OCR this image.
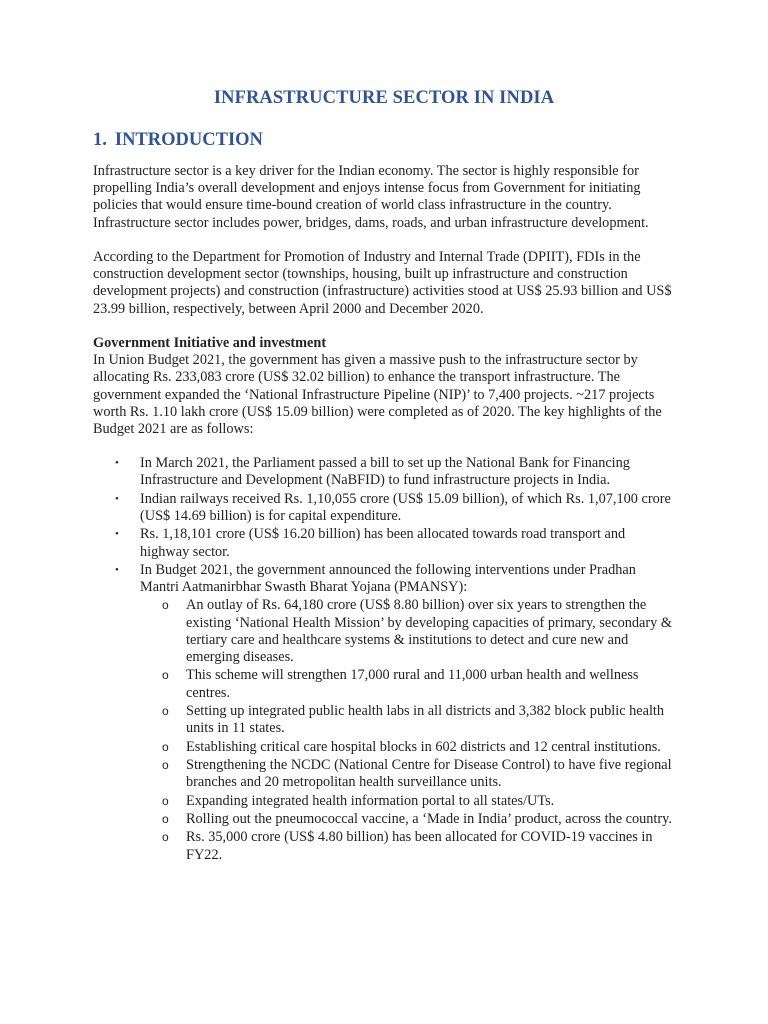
INFRASTRUCTURE SECTOR IN INDIA
1. INTRODUCTION

Infrastructure sector is a key driver for the Indian economy. The sector is highly responsible for propelling India’s overall development and enjoys intense focus from Government for initiating policies that would ensure time-bound creation of world class infrastructure in the country. Infrastructure sector includes power, bridges, dams, roads, and urban infrastructure development.

According to the Department for Promotion of Industry and Internal Trade (DPIIT), FDIs in the construction development sector (townships, housing, built up infrastructure and construction development projects) and construction (infrastructure) activities stood at US$ 25.93 billion and US$ 23.99 billion, respectively, between April 2000 and December 2020.

Government Initiative and investment

In Union Budget 2021, the government has given a massive push to the infrastructure sector by allocating Rs. 233,083 crore (US$ 32.02 billion) to enhance the transport infrastructure. The government expanded the ‘National Infrastructure Pipeline (NIP)’ to 7,400 projects. ~217 projects worth Rs. 1.10 lakh crore (US$ 15.09 billion) were completed as of 2020. The key highlights of the Budget 2021 are as follows:

• In March 2021, the Parliament passed a bill to set up the National Bank for Financing Infrastructure and Development (NaBFID) to fund infrastructure projects in India.
• Indian railways received Rs. 1,10,055 crore (US$ 15.09 billion), of which Rs. 1,07,100 crore (US$ 14.69 billion) is for capital expenditure.
• Rs. 1,18,101 crore (US$ 16.20 billion) has been allocated towards road transport and highway sector.
• In Budget 2021, the government announced the following interventions under Pradhan Mantri Aatmanirbhar Swasth Bharat Yojana (PMANSY):
o An outlay of Rs. 64,180 crore (US$ 8.80 billion) over six years to strengthen the existing ‘National Health Mission’ by developing capacities of primary, secondary & tertiary care and healthcare systems & institutions to detect and cure new and emerging diseases.
o This scheme will strengthen 17,000 rural and 11,000 urban health and wellness centres.
o Setting up integrated public health labs in all districts and 3,382 block public health units in 11 states.
o Establishing critical care hospital blocks in 602 districts and 12 central institutions.
o Strengthening the NCDC (National Centre for Disease Control) to have five regional branches and 20 metropolitan health surveillance units.
o Expanding integrated health information portal to all states/UTs.
o Rolling out the pneumococcal vaccine, a ‘Made in India’ product, across the country.
o Rs. 35,000 crore (US$ 4.80 billion) has been allocated for COVID-19 vaccines in FY22.
